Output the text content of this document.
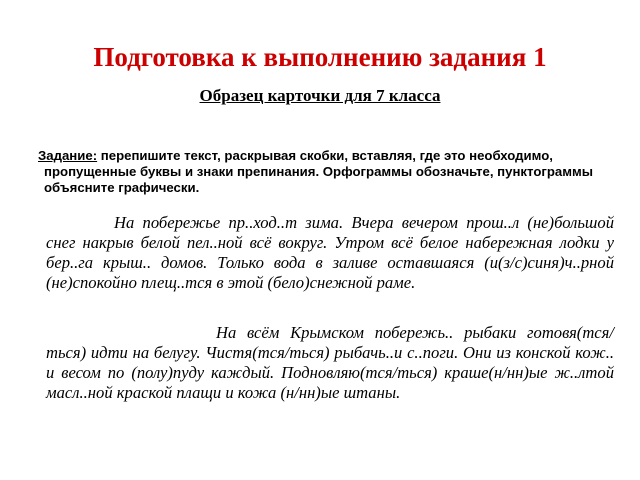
Подготовка к выполнению задания 1
Образец карточки для 7 класса
Задание: перепишите текст, раскрывая скобки, вставляя, где это необходимо, пропущенные буквы и знаки препинания. Орфограммы обозначьте, пунктограммы объясните графически.

На побережье пр..ход..т зима. Вчера вечером прош..л (не)большой снег накрыв белой пел..ной всё вокруг. Утром всё белое набережная лодки у бер..га крыш.. домов. Только вода в заливе оставшаяся (и(з/с)синя)ч..рной (не)спокойно плещ..тся в этой (бело)снежной раме.

На всём Крымском побережь.. рыбаки готовя(тся/ться) идти на белугу. Чистя(тся/ться) рыбачь..и с..поги. Они из конской кож.. и весом по (полу)пуду каждый. Подновляю(тся/ться) краше(н/нн)ые ж..лтой масл..ной краской плащи и кожа (н/нн)ые штаны.
